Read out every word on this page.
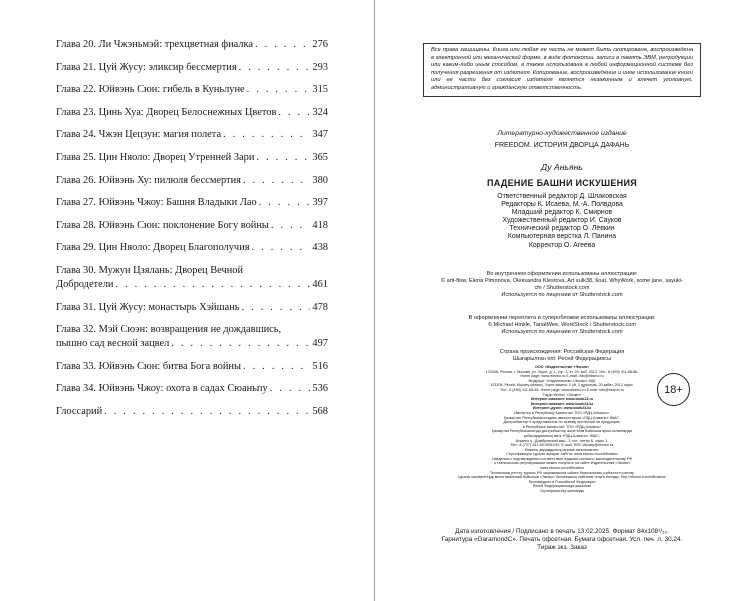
Глава 20. Ли Чжэньмэй: трехцветная фиалка . . .	276
Глава 21. Цуй Жусу: эликсир бессмертия . . .	293
Глава 22. Юйвэнь Сюн: гибель в Куньлуне . . .	315
Глава 23. Цинь Хуа: Дворец Белоснежных Цветов . . .	324
Глава 24. Чжэн Цецзун: магия полета . . .	347
Глава 25. Цин Няоло: Дворец Утренней Зари . . .	365
Глава 26. Юйвэнь Ху: пилюля бессмертия . . .	380
Глава 27. Юйвэнь Чжоу: Башня Владыки Лао . . .	397
Глава 28. Юйвэнь Сюн: поклонение Богу войны . . .	418
Глава 29. Цин Няоло: Дворец Благополучия . . .	438
Глава 30. Мужун Цзялань: Дворец Вечной
Добродетели . . .	461
Глава 31. Цуй Жусу: монастырь Хэйшань . . .	478
Глава 32. Мэй Сюэн: возвращения не дождавшись,
пышно сад весной зацвел . . .	497
Глава 33. Юйвэнь Сюн: битва Бога войны . . .	516
Глава 34. Юйвэнь Чжоу: охота в садах Сюаньпу . . .	536
Глоссарий . . .	568
Все права защищены. Книга или любая ее часть не может быть скопирована, воспроизведена в электронной или механической форме, в виде фотокопии, записи в память ЭВМ, репродукции или каким-либо иным способом, а также использована в любой информационной системе без получения разрешения от издателя. Копирование, воспроизведение и иное использование книги или ее части без согласия издателя является незаконным и влечет уголовную, административную и гражданскую ответственность.
Литературно-художественное издание
FREEDOM. ИСТОРИЯ ДВОРЦА ДАФАНЬ
Ду Аньянь
ПАДЕНИЕ БАШНИ ИСКУШЕНИЯ
Ответственный редактор Д. Шлаковская
Редакторы К. Исаева, М.-А. Полвдова
Младший редактор К. Смирнов
Художественный редактор И. Сауков
Технический редактор О. Лёвкин
Компьютерная верстка Л. Панина
Корректор О. Агеева
Во внутреннем оформлении использованы иллюстрации:
© arti-flow, Elena Pimonova, Oleksandra Klestova, Art sulk38, 6oat, WhyWork, some jane, sayuki-
chi / Shutterstock.com
Используется по лицензии от Shutterstock.com
В оформлении переплета и суперобложки использованы иллюстрации:
© Michael Hinkle, TanatWee, WorkStock / Shutterstock.com
Используется по лицензии от Shutterstock.com
Страна происхождения: Российская Федерация
Шығарылған елі: Ресей Федерациясы
ООО «Издательство «Эксмо»
123308, Россия, г. Москва, ул. Зорге, д. 1, стр. 1, эт. 20, каб. 2013. Тел.: 8 (495) 411-68-86.
Home page: www.eksmo.ru E-mail: info@eksmo.ru
Өндіруші: «Издательство «Эксмо» АҚБ
123308, Ресей, Мәскеу қаласы, Зорге көшесі, 1 үй, 1 құрылым, 20 қабат, 2013 офис.
Тел.: 8 (495) 411-68-86. Home page: www.eksmo.ru E-mail: info@eksmo.ru
Тауар белгісі: «Эксмо»
Интернет-магазин: www.book24.ru
Интернет-магазин: www.book24.kz
Интернет-дүкен: www.book24.kz
Импортер в Республику Казахстан ТОО «РДЦ-Алматы».
Қазақстан Республикасындағы импорттаушы «РДЦ-Алматы» ЖШС.
Дистрибьютор и представитель по приему претензий на продукцию,
в Республике Казахстан: ТОО «РДЦ-Алматы»
Қазақстан Республикасында дистрибьютор және өнім бойынша арыз-талаптарды
қабылдаушының өкілі «РДЦ-Алматы» ЖШС,
Алматы қ., Домбровский көш., 3 «а», литер Б, офис 1.
Тел.: 8 (727) 251-59-90/91/92; E-mail: RDC-Almaty@eksmo.kz
Өнімнің жарамдылық мерзімі шектелмеген.
Сертификация туралы ақпарат сайтта: www.eksmo.ru/certification
Сведения о подтверждении соответствия издания согласно законодательству РФ
о техническом регулировании можно получить на сайте Издательства «Эксмо»
www.eksmo.ru/certification
Техникалық реттеу туралы РФ заңнамасына сәйкес басылымның сәйкестігін растау
туралы мәліметтерді мына мекенжай бойынша «Эксмо» баспасының сайтынан алуға болады: http://eksmo.ru/certification/
Произведено в Российской Федерации
Ресей Федерациясында жасалған
Сертификаттау жатпайды
18+
Дата изготовления / Подписано в печать 13.02.2025. Формат 84x108¹/₃₂.
Гарнитура «GaramondC». Печать офсетная. Бумага офсетная. Усл. печ. л. 30,24.
Тираж экз. Заказ
